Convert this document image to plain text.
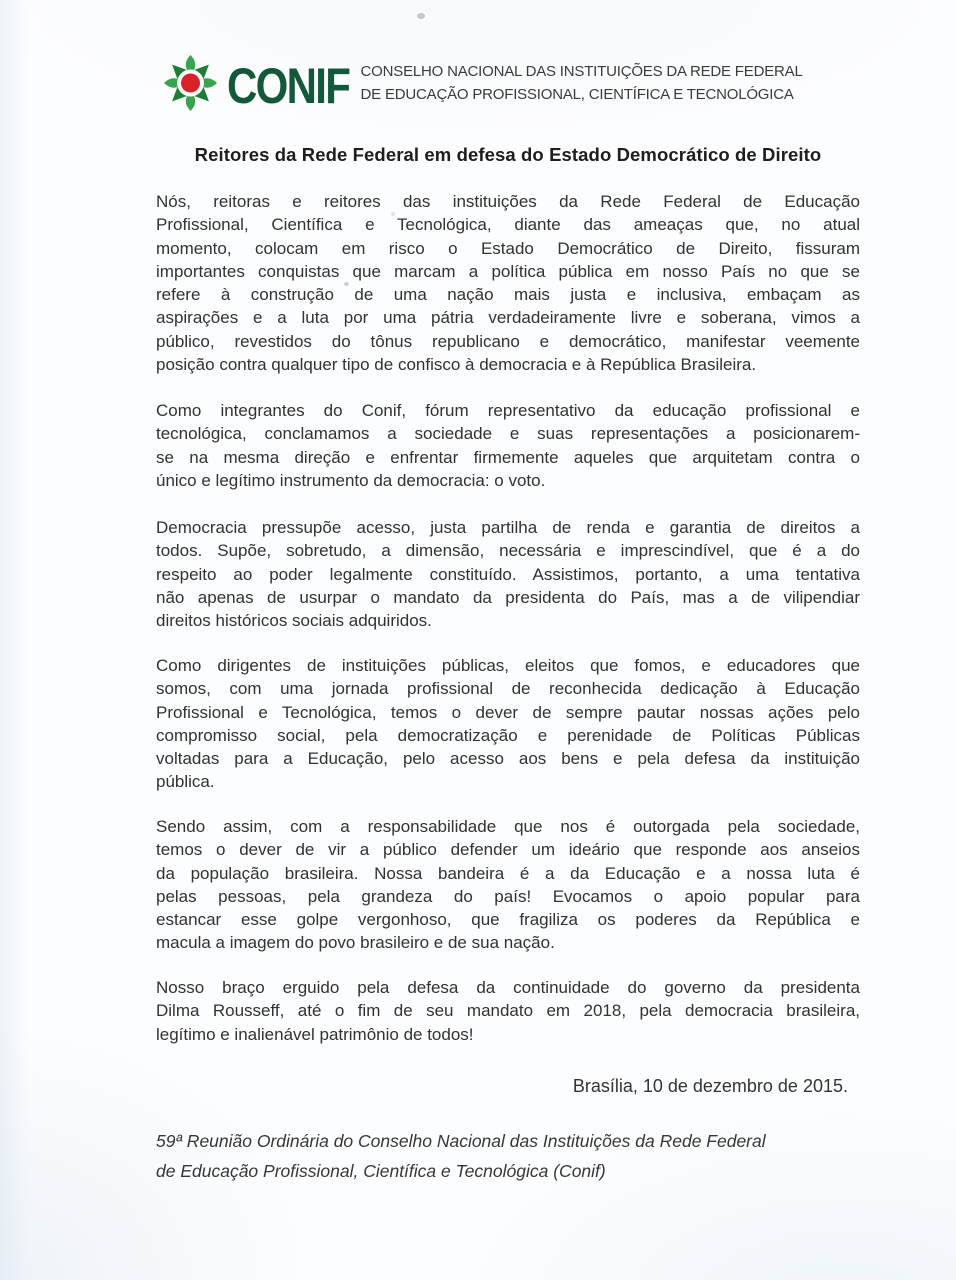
CONIF CONSELHO NACIONAL DAS INSTITUIÇÕES DA REDE FEDERAL
DE EDUCAÇÃO PROFISSIONAL, CIENTÍFICA E TECNOLÓGICA
Reitores da Rede Federal em defesa do Estado Democrático de Direito
Nós, reitoras e reitores das instituições da Rede Federal de Educação
Profissional, Científica e Tecnológica, diante das ameaças que, no atual
momento, colocam em risco o Estado Democrático de Direito, fissuram
importantes conquistas que marcam a política pública em nosso País no que se
refere à construção de uma nação mais justa e inclusiva, embaçam as
aspirações e a luta por uma pátria verdadeiramente livre e soberana, vimos a
público, revestidos do tônus republicano e democrático, manifestar veemente
posição contra qualquer tipo de confisco à democracia e à República Brasileira.
Como integrantes do Conif, fórum representativo da educação profissional e
tecnológica, conclamamos a sociedade e suas representações a posicionarem-
se na mesma direção e enfrentar firmemente aqueles que arquitetam contra o
único e legítimo instrumento da democracia: o voto.
Democracia pressupõe acesso, justa partilha de renda e garantia de direitos a
todos. Supõe, sobretudo, a dimensão, necessária e imprescindível, que é a do
respeito ao poder legalmente constituído. Assistimos, portanto, a uma tentativa
não apenas de usurpar o mandato da presidenta do País, mas a de vilipendiar
direitos históricos sociais adquiridos.
Como dirigentes de instituições públicas, eleitos que fomos, e educadores que
somos, com uma jornada profissional de reconhecida dedicação à Educação
Profissional e Tecnológica, temos o dever de sempre pautar nossas ações pelo
compromisso social, pela democratização e perenidade de Políticas Públicas
voltadas para a Educação, pelo acesso aos bens e pela defesa da instituição
pública.
Sendo assim, com a responsabilidade que nos é outorgada pela sociedade,
temos o dever de vir a público defender um ideário que responde aos anseios
da população brasileira. Nossa bandeira é a da Educação e a nossa luta é
pelas pessoas, pela grandeza do país! Evocamos o apoio popular para
estancar esse golpe vergonhoso, que fragiliza os poderes da República e
macula a imagem do povo brasileiro e de sua nação.
Nosso braço erguido pela defesa da continuidade do governo da presidenta
Dilma Rousseff, até o fim de seu mandato em 2018, pela democracia brasileira,
legítimo e inalienável patrimônio de todos!
Brasília, 10 de dezembro de 2015.
59ª Reunião Ordinária do Conselho Nacional das Instituições da Rede Federal
de Educação Profissional, Científica e Tecnológica (Conif)
